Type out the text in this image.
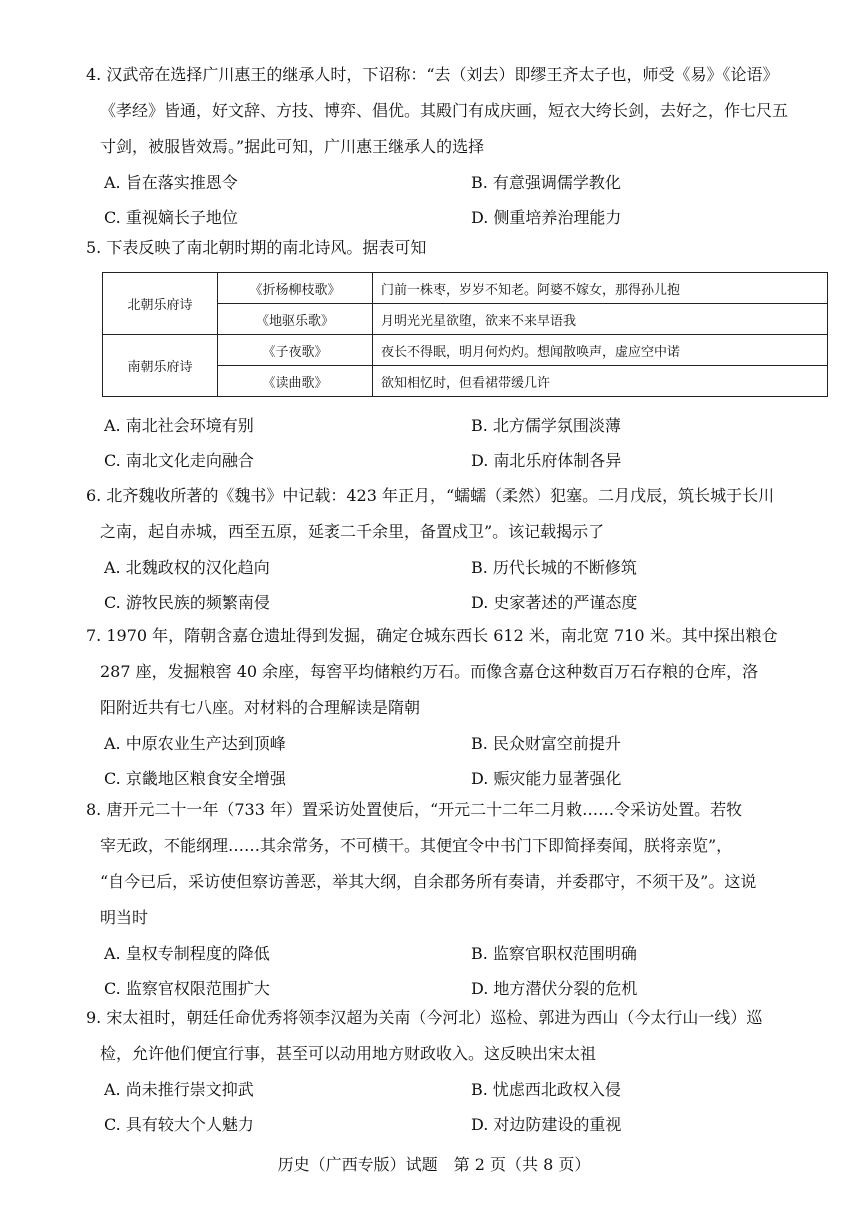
4. 汉武帝在选择广川惠王的继承人时，下诏称：“去（刘去）即缪王齐太子也，师受《易》《论语》
《孝经》皆通，好文辞、方技、博弈、倡优。其殿门有成庆画，短衣大绔长剑，去好之，作七尺五
寸剑，被服皆效焉。”据此可知，广川惠王继承人的选择
A. 旨在落实推恩令	B. 有意强调儒学教化
C. 重视嫡长子地位	D. 侧重培养治理能力
5. 下表反映了南北朝时期的南北诗风。据表可知
北朝乐府诗	《折杨柳枝歌》	门前一株枣，岁岁不知老。阿婆不嫁女，那得孙儿抱
	《地驱乐歌》	月明光光星欲堕，欲来不来早语我
南朝乐府诗	《子夜歌》	夜长不得眠，明月何灼灼。想闻散唤声，虚应空中诺
	《读曲歌》	欲知相忆时，但看裙带缓几许
A. 南北社会环境有别	B. 北方儒学氛围淡薄
C. 南北文化走向融合	D. 南北乐府体制各异
6. 北齐魏收所著的《魏书》中记载：423 年正月，“蠕蠕（柔然）犯塞。二月戊辰，筑长城于长川
之南，起自赤城，西至五原，延袤二千余里，备置戍卫”。该记载揭示了
A. 北魏政权的汉化趋向	B. 历代长城的不断修筑
C. 游牧民族的频繁南侵	D. 史家著述的严谨态度
7. 1970 年，隋朝含嘉仓遗址得到发掘，确定仓城东西长 612 米，南北宽 710 米。其中探出粮仓
287 座，发掘粮窖 40 余座，每窖平均储粮约万石。而像含嘉仓这种数百万石存粮的仓库，洛
阳附近共有七八座。对材料的合理解读是隋朝
A. 中原农业生产达到顶峰	B. 民众财富空前提升
C. 京畿地区粮食安全增强	D. 赈灾能力显著强化
8. 唐开元二十一年（733 年）置采访处置使后，“开元二十二年二月敕……令采访处置。若牧
宰无政，不能纲理……其余常务，不可横干。其便宜令中书门下即简择奏闻，朕将亲览”，
“自今已后，采访使但察访善恶，举其大纲，自余郡务所有奏请，并委郡守，不须干及”。这说
明当时
A. 皇权专制程度的降低	B. 监察官职权范围明确
C. 监察官权限范围扩大	D. 地方潜伏分裂的危机
9. 宋太祖时，朝廷任命优秀将领李汉超为关南（今河北）巡检、郭进为西山（今太行山一线）巡
检，允许他们便宜行事，甚至可以动用地方财政收入。这反映出宋太祖
A. 尚未推行崇文抑武	B. 忧虑西北政权入侵
C. 具有较大个人魅力	D. 对边防建设的重视
历史（广西专版）试题　第 2 页（共 8 页）
